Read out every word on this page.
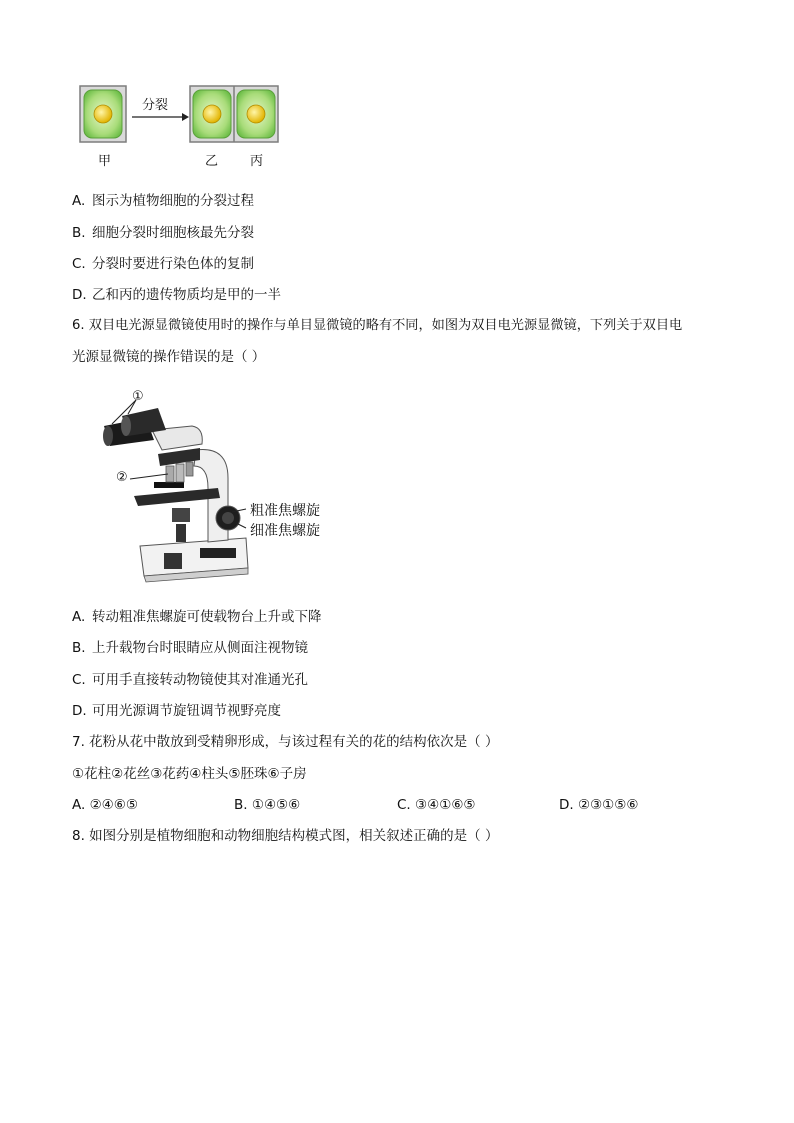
分裂
甲	乙 丙
A. 图示为植物细胞的分裂过程
B. 细胞分裂时细胞核最先分裂
C. 分裂时要进行染色体的复制
D. 乙和丙的遗传物质均是甲的一半
6. 双目电光源显微镜使用时的操作与单目显微镜的略有不同，如图为双目电光源显微镜，下列关于双目电
光源显微镜的操作错误的是（ ）
①
②
粗准焦螺旋
细准焦螺旋
A. 转动粗准焦螺旋可使载物台上升或下降
B. 上升载物台时眼睛应从侧面注视物镜
C. 可用手直接转动物镜使其对准通光孔
D. 可用光源调节旋钮调节视野亮度
7. 花粉从花中散放到受精卵形成，与该过程有关的花的结构依次是（ ）
①花柱②花丝③花药④柱头⑤胚珠⑥子房
A. ②④⑥⑤	B. ①④⑤⑥	C. ③④①⑥⑤	D. ②③①⑤⑥
8. 如图分别是植物细胞和动物细胞结构模式图，相关叙述正确的是（ ）
